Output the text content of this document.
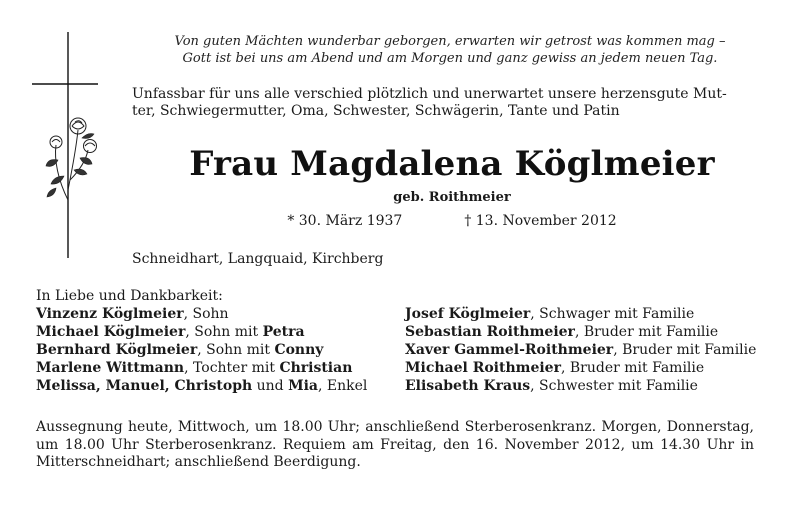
Von guten Mächten wunderbar geborgen, erwarten wir getrost was kommen mag –
Gott ist bei uns am Abend und am Morgen und ganz gewiss an jedem neuen Tag.

Unfassbar für uns alle verschied plötzlich und unerwartet unsere herzensgute Mut-
ter, Schwiegermutter, Oma, Schwester, Schwägerin, Tante und Patin

Frau Magdalena Köglmeier

geb. Roithmeier

* 30. März 1937	† 13. November 2012

Schneidhart, Langquaid, Kirchberg

In Liebe und Dankbarkeit:

Vinzenz Köglmeier, Sohn
Michael Köglmeier, Sohn mit Petra
Bernhard Köglmeier, Sohn mit Conny
Marlene Wittmann, Tochter mit Christian
Melissa, Manuel, Christoph und Mia, Enkel
Josef Köglmeier, Schwager mit Familie
Sebastian Roithmeier, Bruder mit Familie
Xaver Gammel-Roithmeier, Bruder mit Familie
Michael Roithmeier, Bruder mit Familie
Elisabeth Kraus, Schwester mit Familie

Aussegnung heute, Mittwoch, um 18.00 Uhr; anschließend Sterberosenkranz. Morgen, Donnerstag, um 18.00 Uhr Sterberosenkranz. Requiem am Freitag, den 16. November 2012, um 14.30 Uhr in Mitterschneidhart; anschließend Beerdigung.
